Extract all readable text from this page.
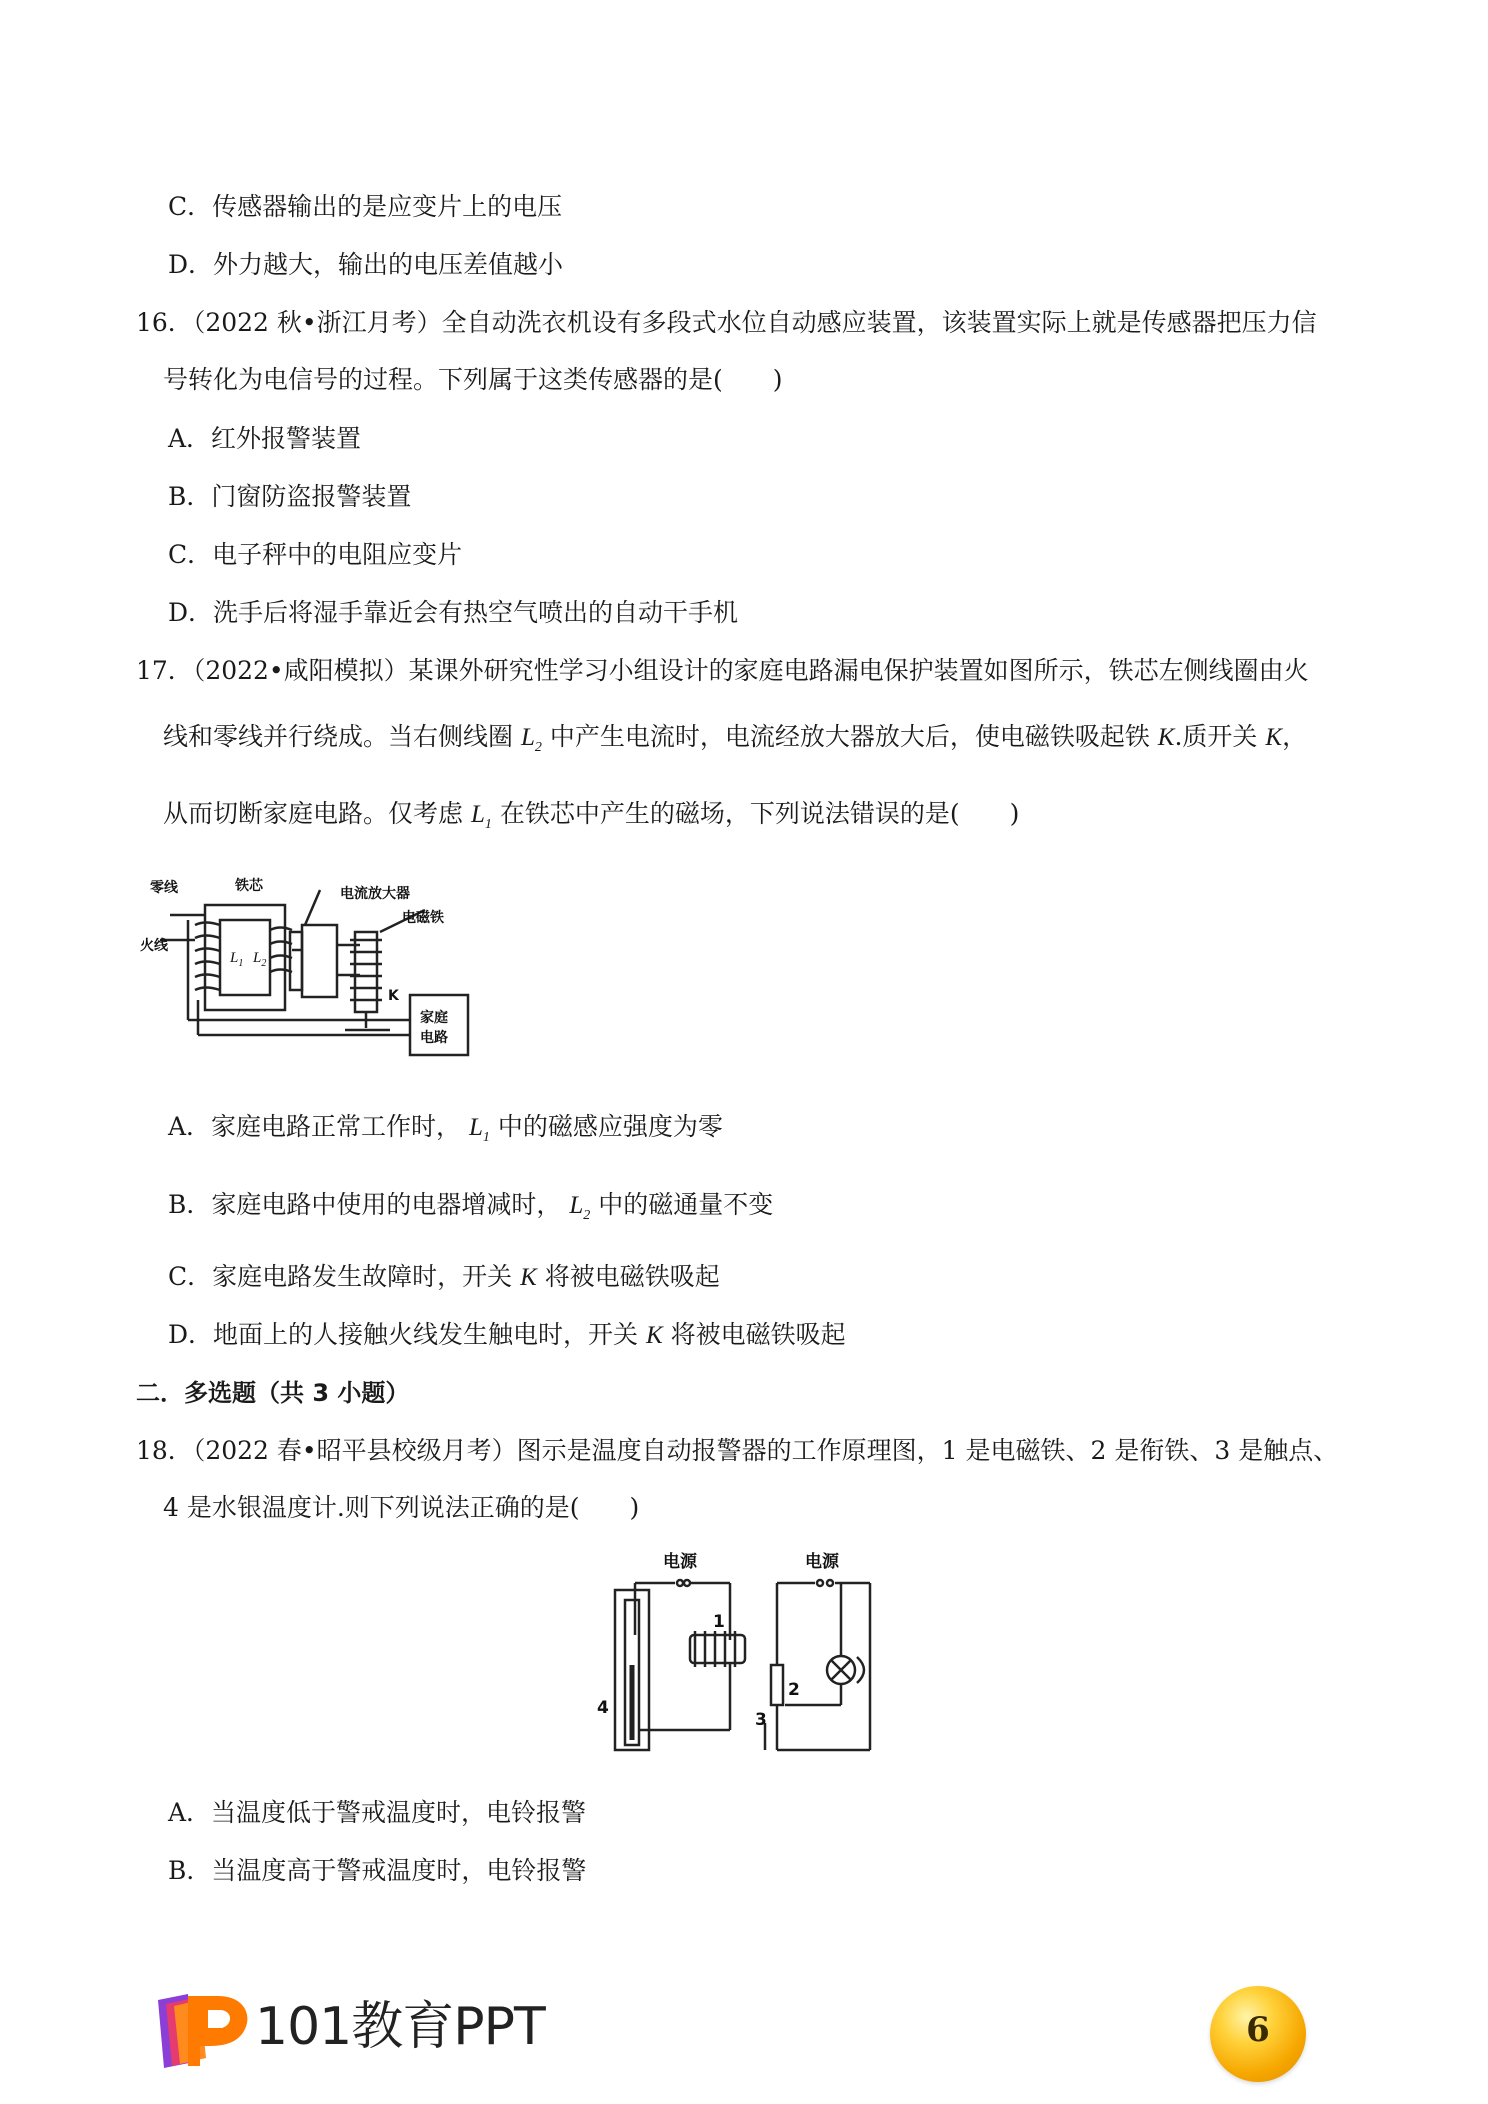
C．传感器输出的是应变片上的电压
D．外力越大，输出的电压差值越小
16．（2022 秋•浙江月考）全自动洗衣机设有多段式水位自动感应装置，该装置实际上就是传感器把压力信
号转化为电信号的过程。下列属于这类传感器的是(　　)
A．红外报警装置
B．门窗防盗报警装置
C．电子秤中的电阻应变片
D．洗手后将湿手靠近会有热空气喷出的自动干手机
17．（2022•咸阳模拟）某课外研究性学习小组设计的家庭电路漏电保护装置如图所示，铁芯左侧线圈由火
线和零线并行绕成。当右侧线圈 $L_2$ 中产生电流时，电流经放大器放大后，使电磁铁吸起铁 K.质开关 K，
从而切断家庭电路。仅考虑 $L_1$ 在铁芯中产生的磁场，下列说法错误的是(　　)
零线	铁芯
火线
电流放大器
电磁铁
K
家庭
电路
$L_1$ $L_2$
A．家庭电路正常工作时， $L_1$ 中的磁感应强度为零
B．家庭电路中使用的电器增减时， $L_2$ 中的磁通量不变
C．家庭电路发生故障时，开关 K 将被电磁铁吸起
D．地面上的人接触火线发生触电时，开关 K 将被电磁铁吸起
二．多选题（共 3 小题）
18．（2022 春•昭平县校级月考）图示是温度自动报警器的工作原理图，1 是电磁铁、2 是衔铁、3 是触点、
4 是水银温度计.则下列说法正确的是(　　)
电源	电源
1
2
3
4
A．当温度低于警戒温度时，电铃报警
B．当温度高于警戒温度时，电铃报警
101教育PPT	6
